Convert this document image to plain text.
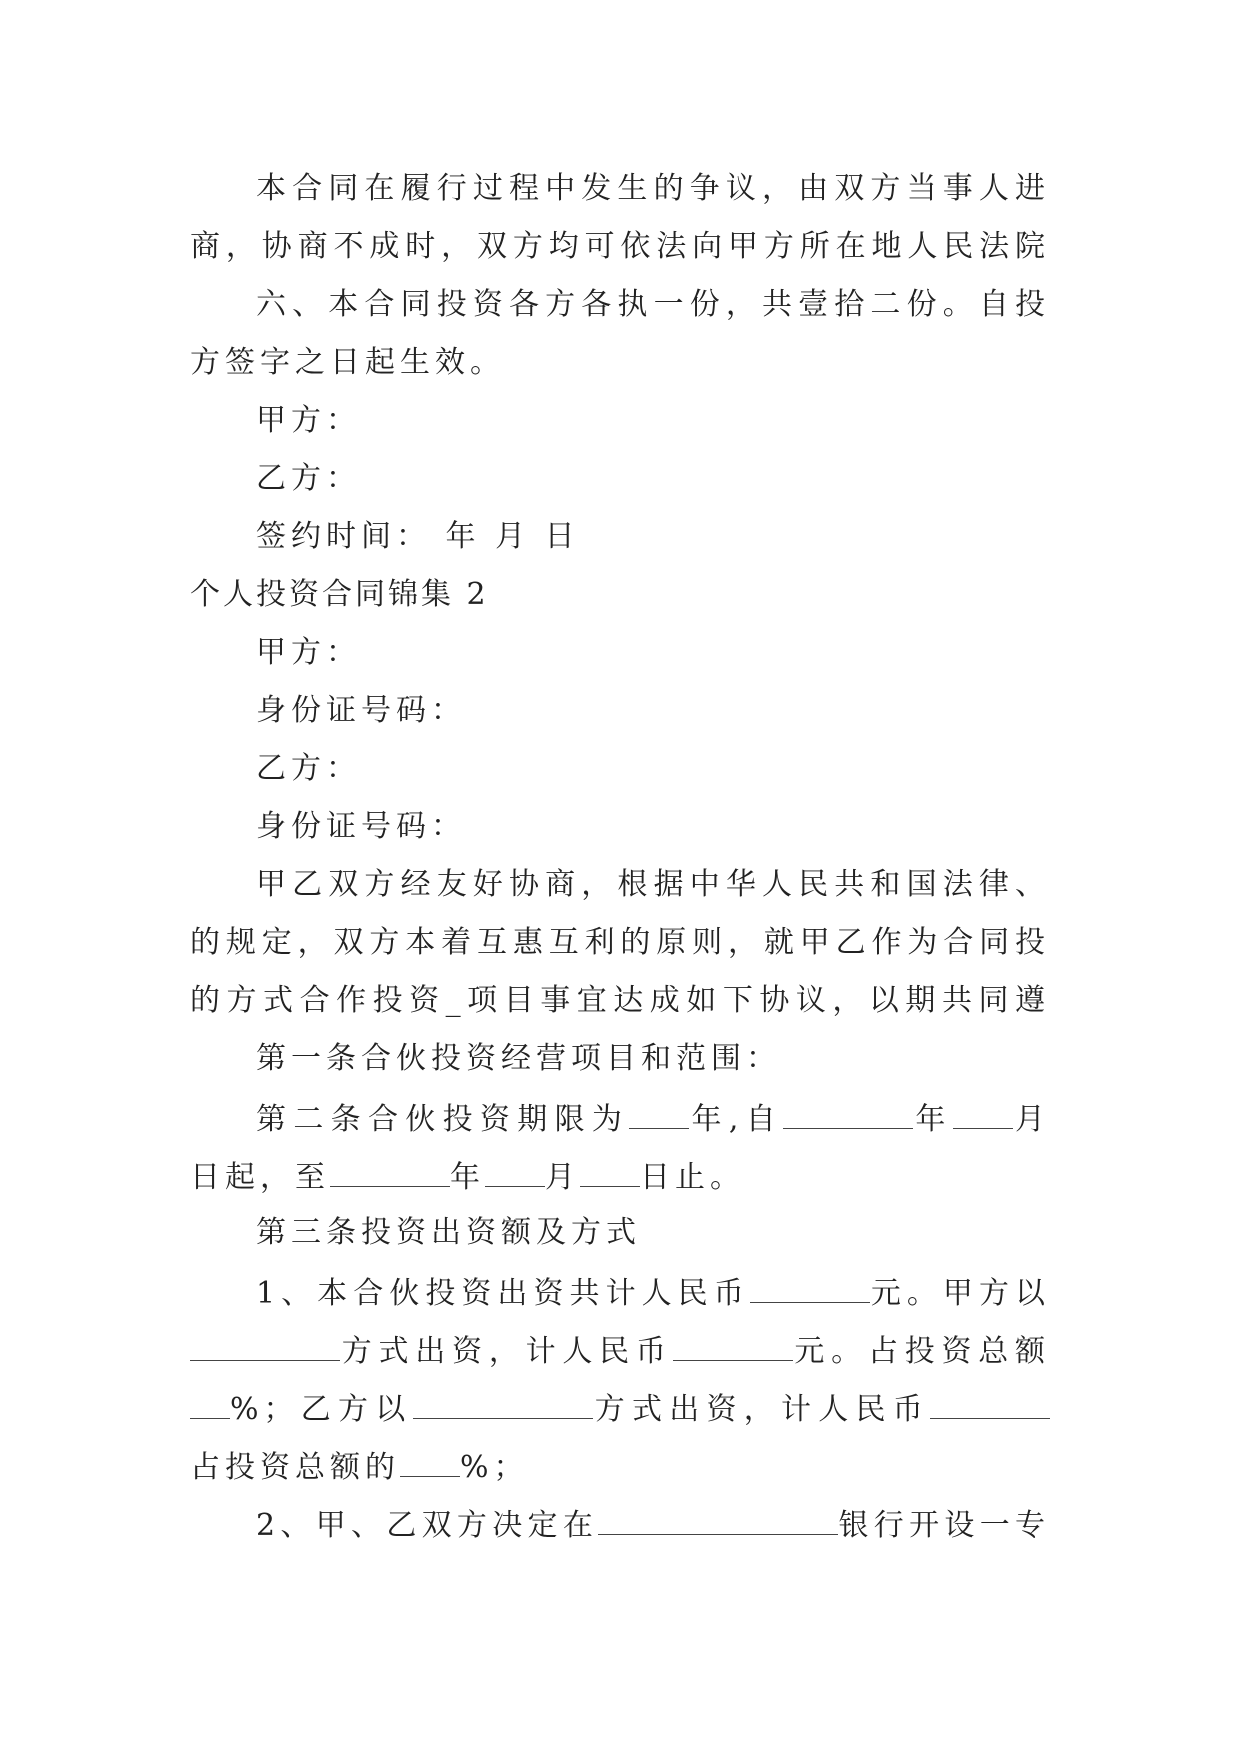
本合同在履行过程中发生的争议，由双方当事人进
商，协商不成时，双方均可依法向甲方所在地人民法院
六、本合同投资各方各执一份，共壹拾二份。自投
方签字之日起生效。
甲方：
乙方：
签约时间： 年 月 日
个人投资合同锦集 2
甲方：
身份证号码：
乙方：
身份证号码：
甲乙双方经友好协商，根据中华人民共和国法律、
的规定，双方本着互惠互利的原则，就甲乙作为合同投
的方式合作投资_项目事宜达成如下协议，以期共同遵
第一条合伙投资经营项目和范围：
第二条合伙投资期限为 年,自	年 月
日起，至	年 月 日止。
第三条投资出资额及方式
1、本合伙投资出资共计人民币	元。甲方以
方式出资，计人民币	元。占投资总额
%；乙方以	方式出资，计人民币
占投资总额的 %；
2、甲、乙双方决定在	银行开设一专
